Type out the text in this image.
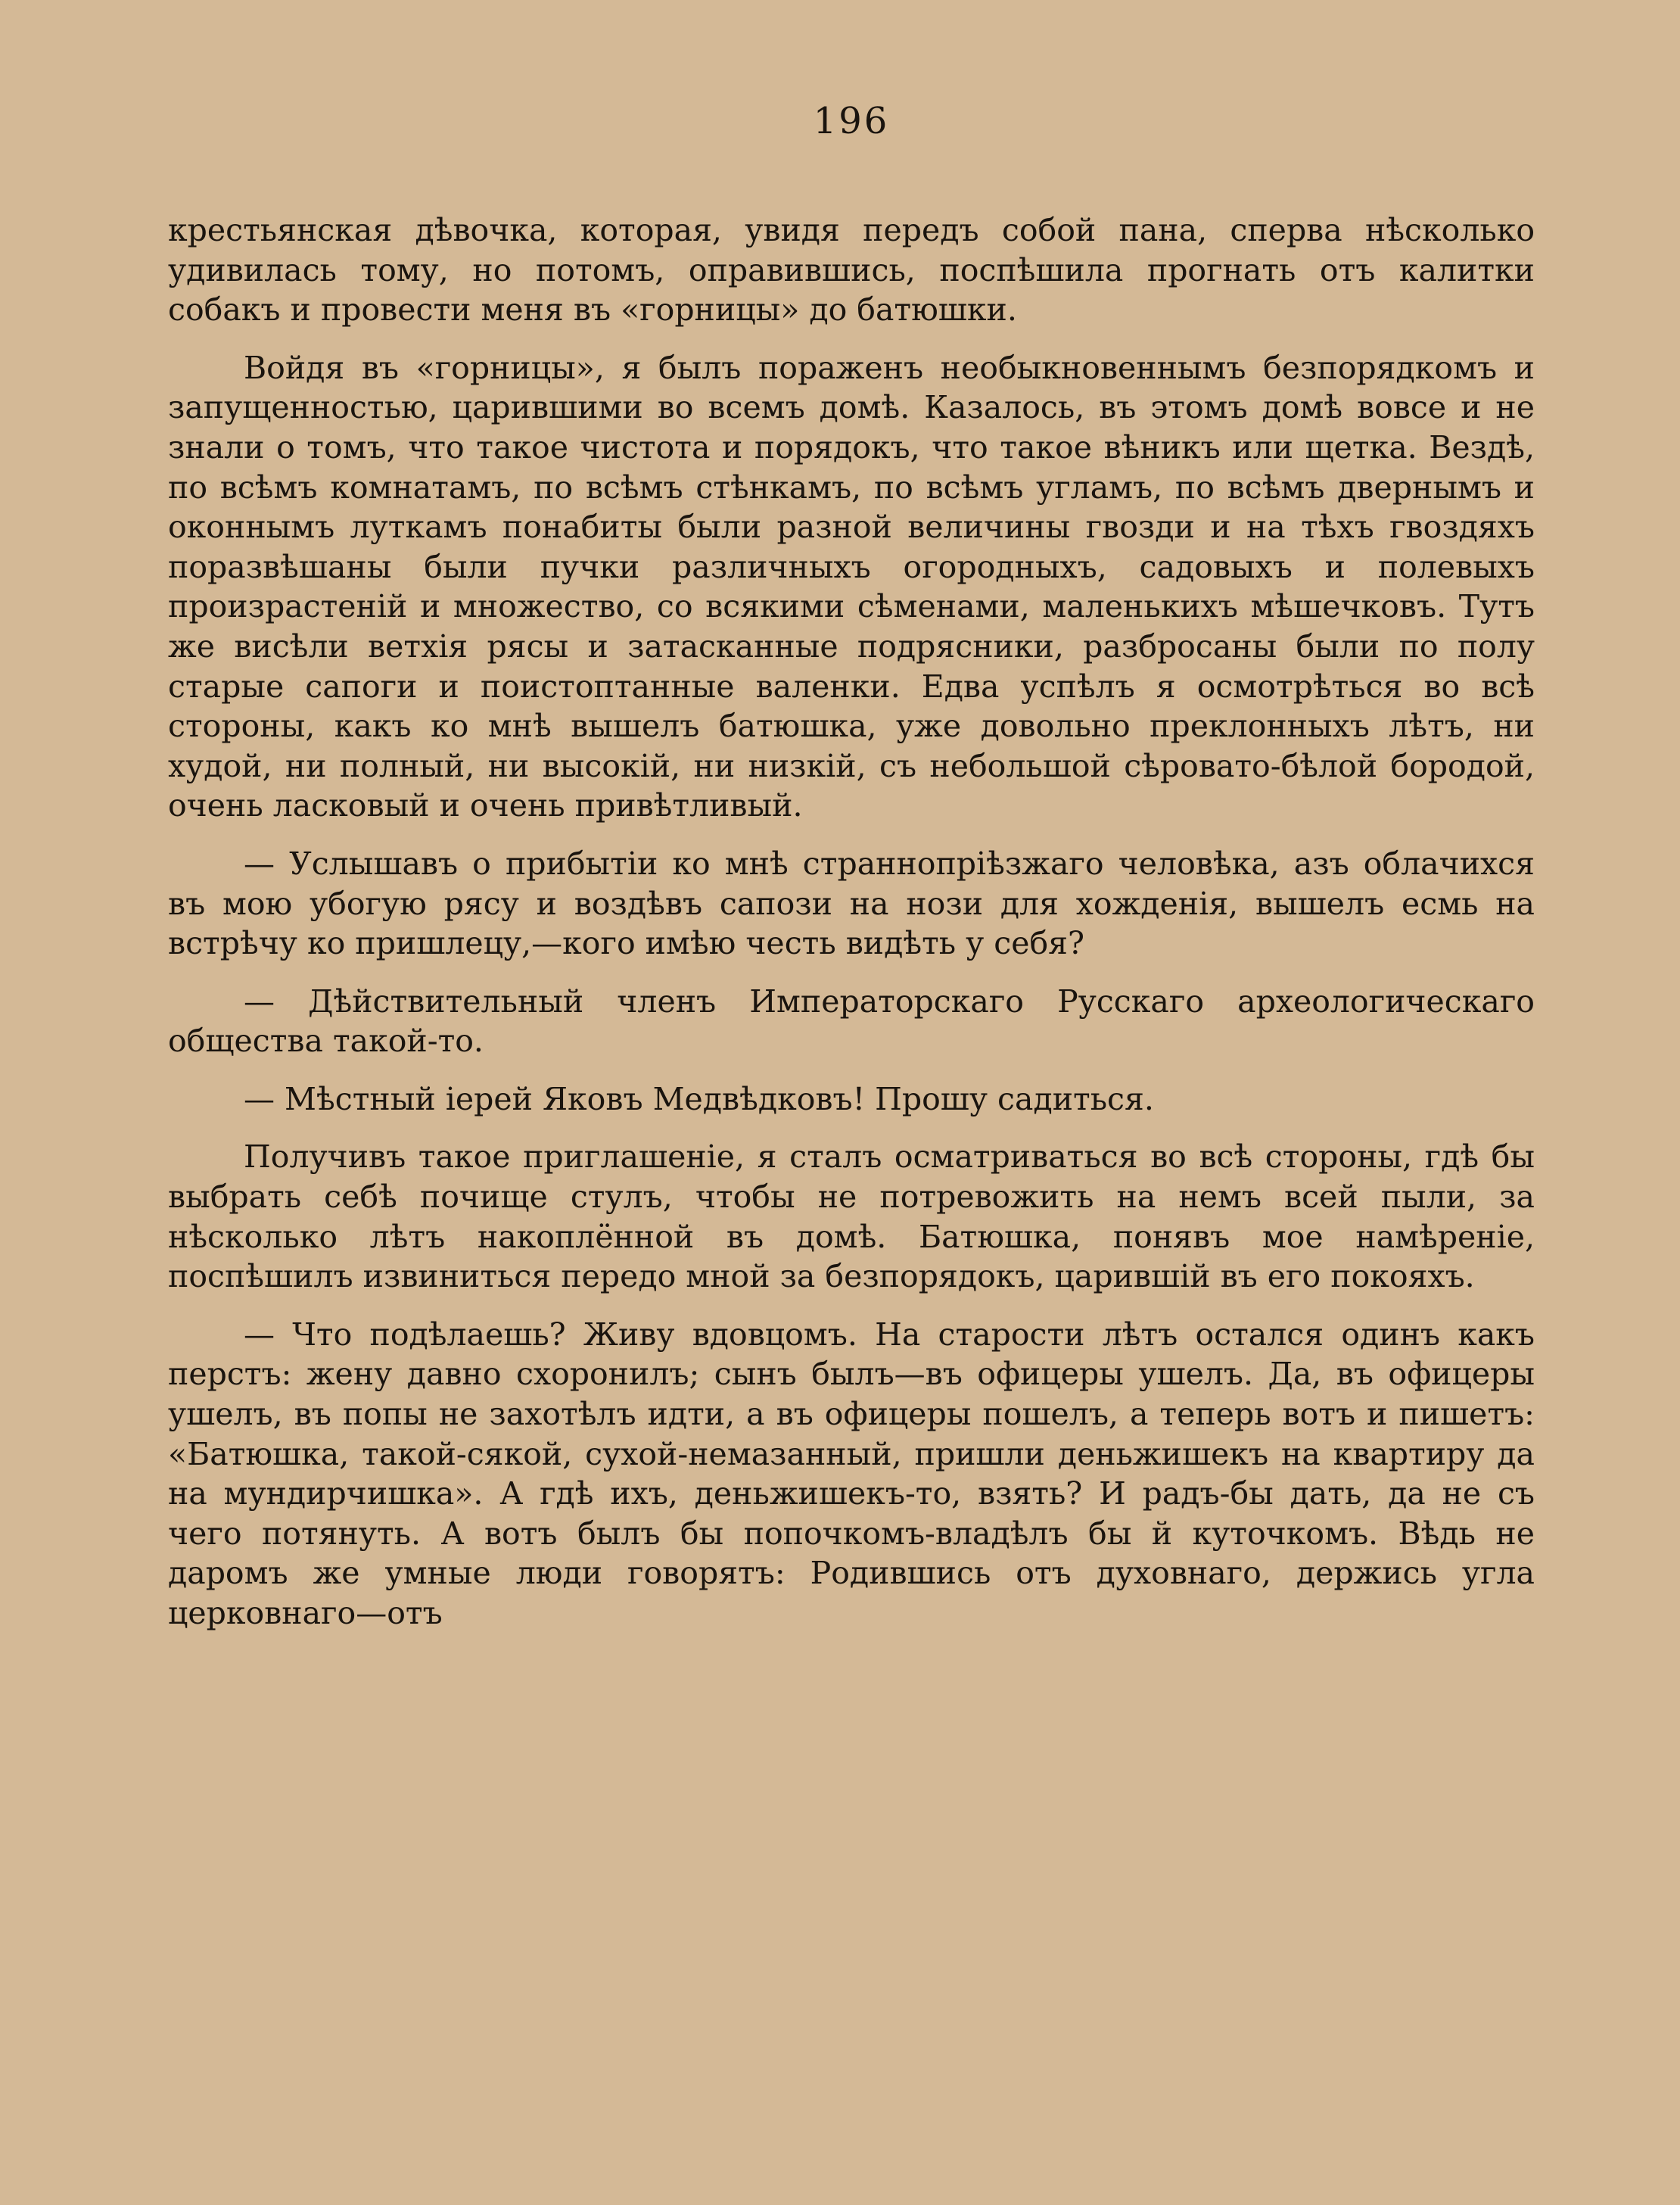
196

крестьянская дѣвочка, которая, увидя передъ собой пана, сперва нѣсколько удивилась тому, но потомъ, оправившись, поспѣшила прогнать отъ калитки собакъ и провести меня въ «горницы» до батюшки.

Войдя въ «горницы», я былъ пораженъ необыкновеннымъ безпорядкомъ и запущенностью, царившими во всемъ домѣ. Казалось, въ этомъ домѣ вовсе и не знали о томъ, что такое чистота и порядокъ, что такое вѣникъ или щетка. Вездѣ, по всѣмъ комнатамъ, по всѣмъ стѣнкамъ, по всѣмъ угламъ, по всѣмъ двернымъ и оконнымъ луткамъ понабиты были разной величины гвозди и на тѣхъ гвоздяхъ поразвѣшаны были пучки различныхъ огородныхъ, садовыхъ и полевыхъ произрастенiй и множество, со всякими сѣменами, маленькихъ мѣшечковъ. Тутъ же висѣли ветхiя рясы и затасканные подрясники, разбросаны были по полу старые сапоги и поистоптанные валенки. Едва успѣлъ я осмотрѣться во всѣ стороны, какъ ко мнѣ вышелъ батюшка, уже довольно преклонныхъ лѣтъ, ни худой, ни полный, ни высокiй, ни низкiй, съ небольшой сѣровато-бѣлой бородой, очень ласковый и очень привѣтливый.

— Услышавъ о прибытiи ко мнѣ страннопрiѣзжаго человѣка, азъ облачихся въ мою убогую рясу и воздѣвъ сапози на нози для хожденiя, вышелъ есмь на встрѣчу ко пришлецу,—кого имѣю честь видѣть у себя?

— Дѣйствительный членъ Императорскаго Русскаго археологическаго общества такой-то.

— Мѣстный iерей Яковъ Медвѣдковъ! Прошу садиться.

Получивъ такое приглашенiе, я сталъ осматриваться во всѣ стороны, гдѣ бы выбрать себѣ почище стулъ, чтобы не потревожить на немъ всей пыли, за нѣсколько лѣтъ накоплённой въ домѣ. Батюшка, понявъ мое намѣренiе, поспѣшилъ извиниться передо мной за безпорядокъ, царившiй въ его покояхъ.

— Что подѣлаешь? Живу вдовцомъ. На старости лѣтъ остался одинъ какъ перстъ: жену давно схоронилъ; сынъ былъ—въ офицеры ушелъ. Да, въ офицеры ушелъ, въ попы не захотѣлъ идти, а въ офицеры пошелъ, а теперь вотъ и пишетъ: «Батюшка, такой-сякой, сухой-немазанный, пришли деньжишекъ на квартиру да на мундирчишка». А гдѣ ихъ, деньжишекъ-то, взять? И радъ-бы дать, да не съ чего потянуть. А вотъ былъ бы попочкомъ-владѣлъ бы й куточкомъ. Вѣдь не даромъ же умные люди говорятъ: Родившись отъ духовнаго, держись угла церковнаго—отъ
